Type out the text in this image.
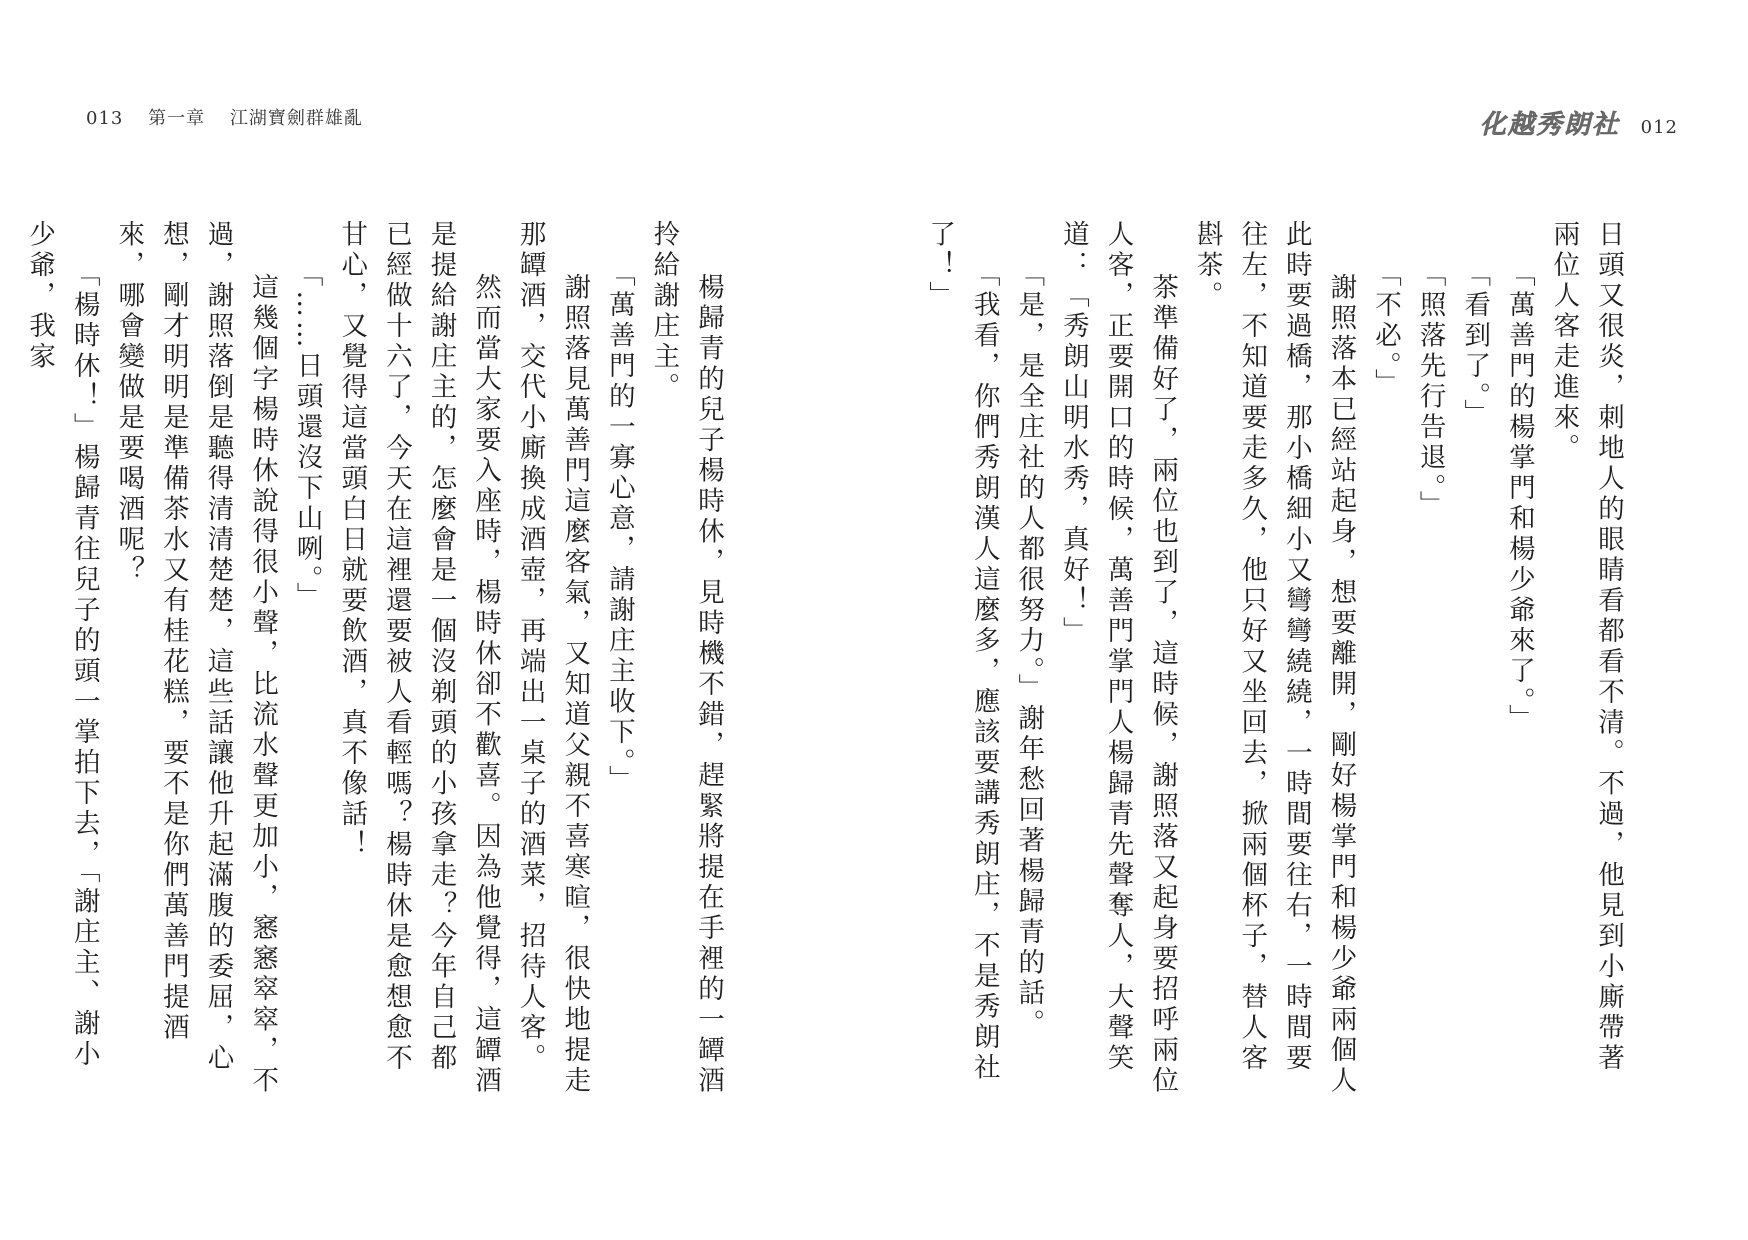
013 第一章 江湖寶劍群雄亂	化越秀朗社 012

日頭又很炎，刺地人的眼睛看都看不清。不過，他見到小廝帶著兩位人客走進來。

「萬善門的楊掌門和楊少爺來了。」

「看到了。」

「照落先行告退。」

「不必。」

謝照落本已經站起身，想要離開，剛好楊掌門和楊少爺兩個人此時要過橋，那小橋細小又彎彎繞繞，一時間要往右，一時間要往左，不知道要走多久，他只好又坐回去，掀兩個杯子，替人客斟茶。

茶準備好了，兩位也到了，這時候，謝照落又起身要招呼兩位人客，正要開口的時候，萬善門掌門人楊歸青先聲奪人，大聲笑道：「秀朗山明水秀，真好！」

「是，是全庄社的人都很努力。」謝年愁回著楊歸青的話。

「我看，你們秀朗漢人這麼多，應該要講秀朗庄，不是秀朗社了！」

楊歸青的兒子楊時休，見時機不錯，趕緊將提在手裡的一罈酒拎給謝庄主。

「萬善門的一寡心意，請謝庄主收下。」

謝照落見萬善門這麼客氣，又知道父親不喜寒暄，很快地提走那罈酒，交代小廝換成酒壺，再端出一桌子的酒菜，招待人客。

然而當大家要入座時，楊時休卻不歡喜。因為他覺得，這罈酒是提給謝庄主的，怎麼會是一個沒剃頭的小孩拿走？今年自己都已經做十六了，今天在這裡還要被人看輕嗎？楊時休是愈想愈不甘心，又覺得這當頭白日就要飲酒，真不像話！

「……日頭還沒下山咧。」

這幾個字楊時休說得很小聲，比流水聲更加小，窸窸窣窣，不過，謝照落倒是聽得清清楚楚，這些話讓他升起滿腹的委屈，心想，剛才明明是準備茶水又有桂花糕，要不是你們萬善門提酒來，哪會變做是要喝酒呢？

「楊時休！」楊歸青往兒子的頭一掌拍下去，「謝庄主、謝小少爺，我家
